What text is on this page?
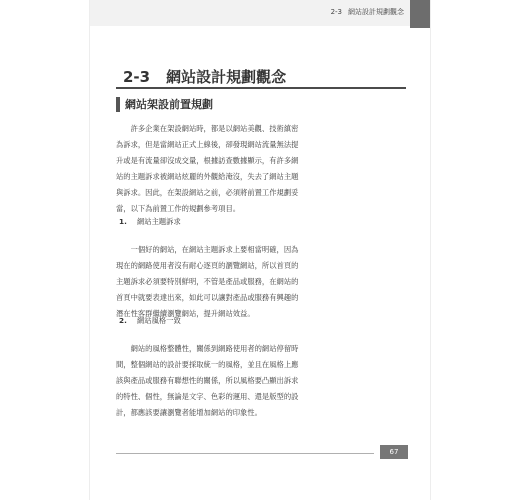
2-3 網站設計規劃觀念
2-3 網站設計規劃觀念
網站架設前置規劃
許多企業在架設網站時，都是以網站美觀、技術縝密
為訴求，但是當網站正式上線後，卻發現網站流量無法提
升或是有流量卻沒成交量，根據訪查數據顯示，有許多網
站的主題訴求被網站炫麗的外觀給淹沒，失去了網站主題
與訴求。因此，在架設網站之前，必須將前置工作規劃妥
當，以下為前置工作的規劃參考項目。
1. 網站主題訴求
一個好的網站，在網站主題訴求上要相當明確，因為
現在的網路使用者沒有耐心逐頁的瀏覽網站，所以首頁的
主題訴求必須要特別鮮明，不管是產品或服務，在網站的
首頁中就要表達出來，如此可以讓對產品或服務有興趣的
潛在性客群繼續瀏覽網站，提升網站效益。
2. 網站風格一致
網站的風格整體性，關係到網路使用者的網站停留時
間，整個網站的設計要採取統一的風格，並且在風格上應
該與產品或服務有聯想性的關係，所以風格要凸顯出訴求
的特性、個性，無論是文字、色彩的運用、還是版型的設
計，都應該要讓瀏覽者能增加網站的印象性。
67
